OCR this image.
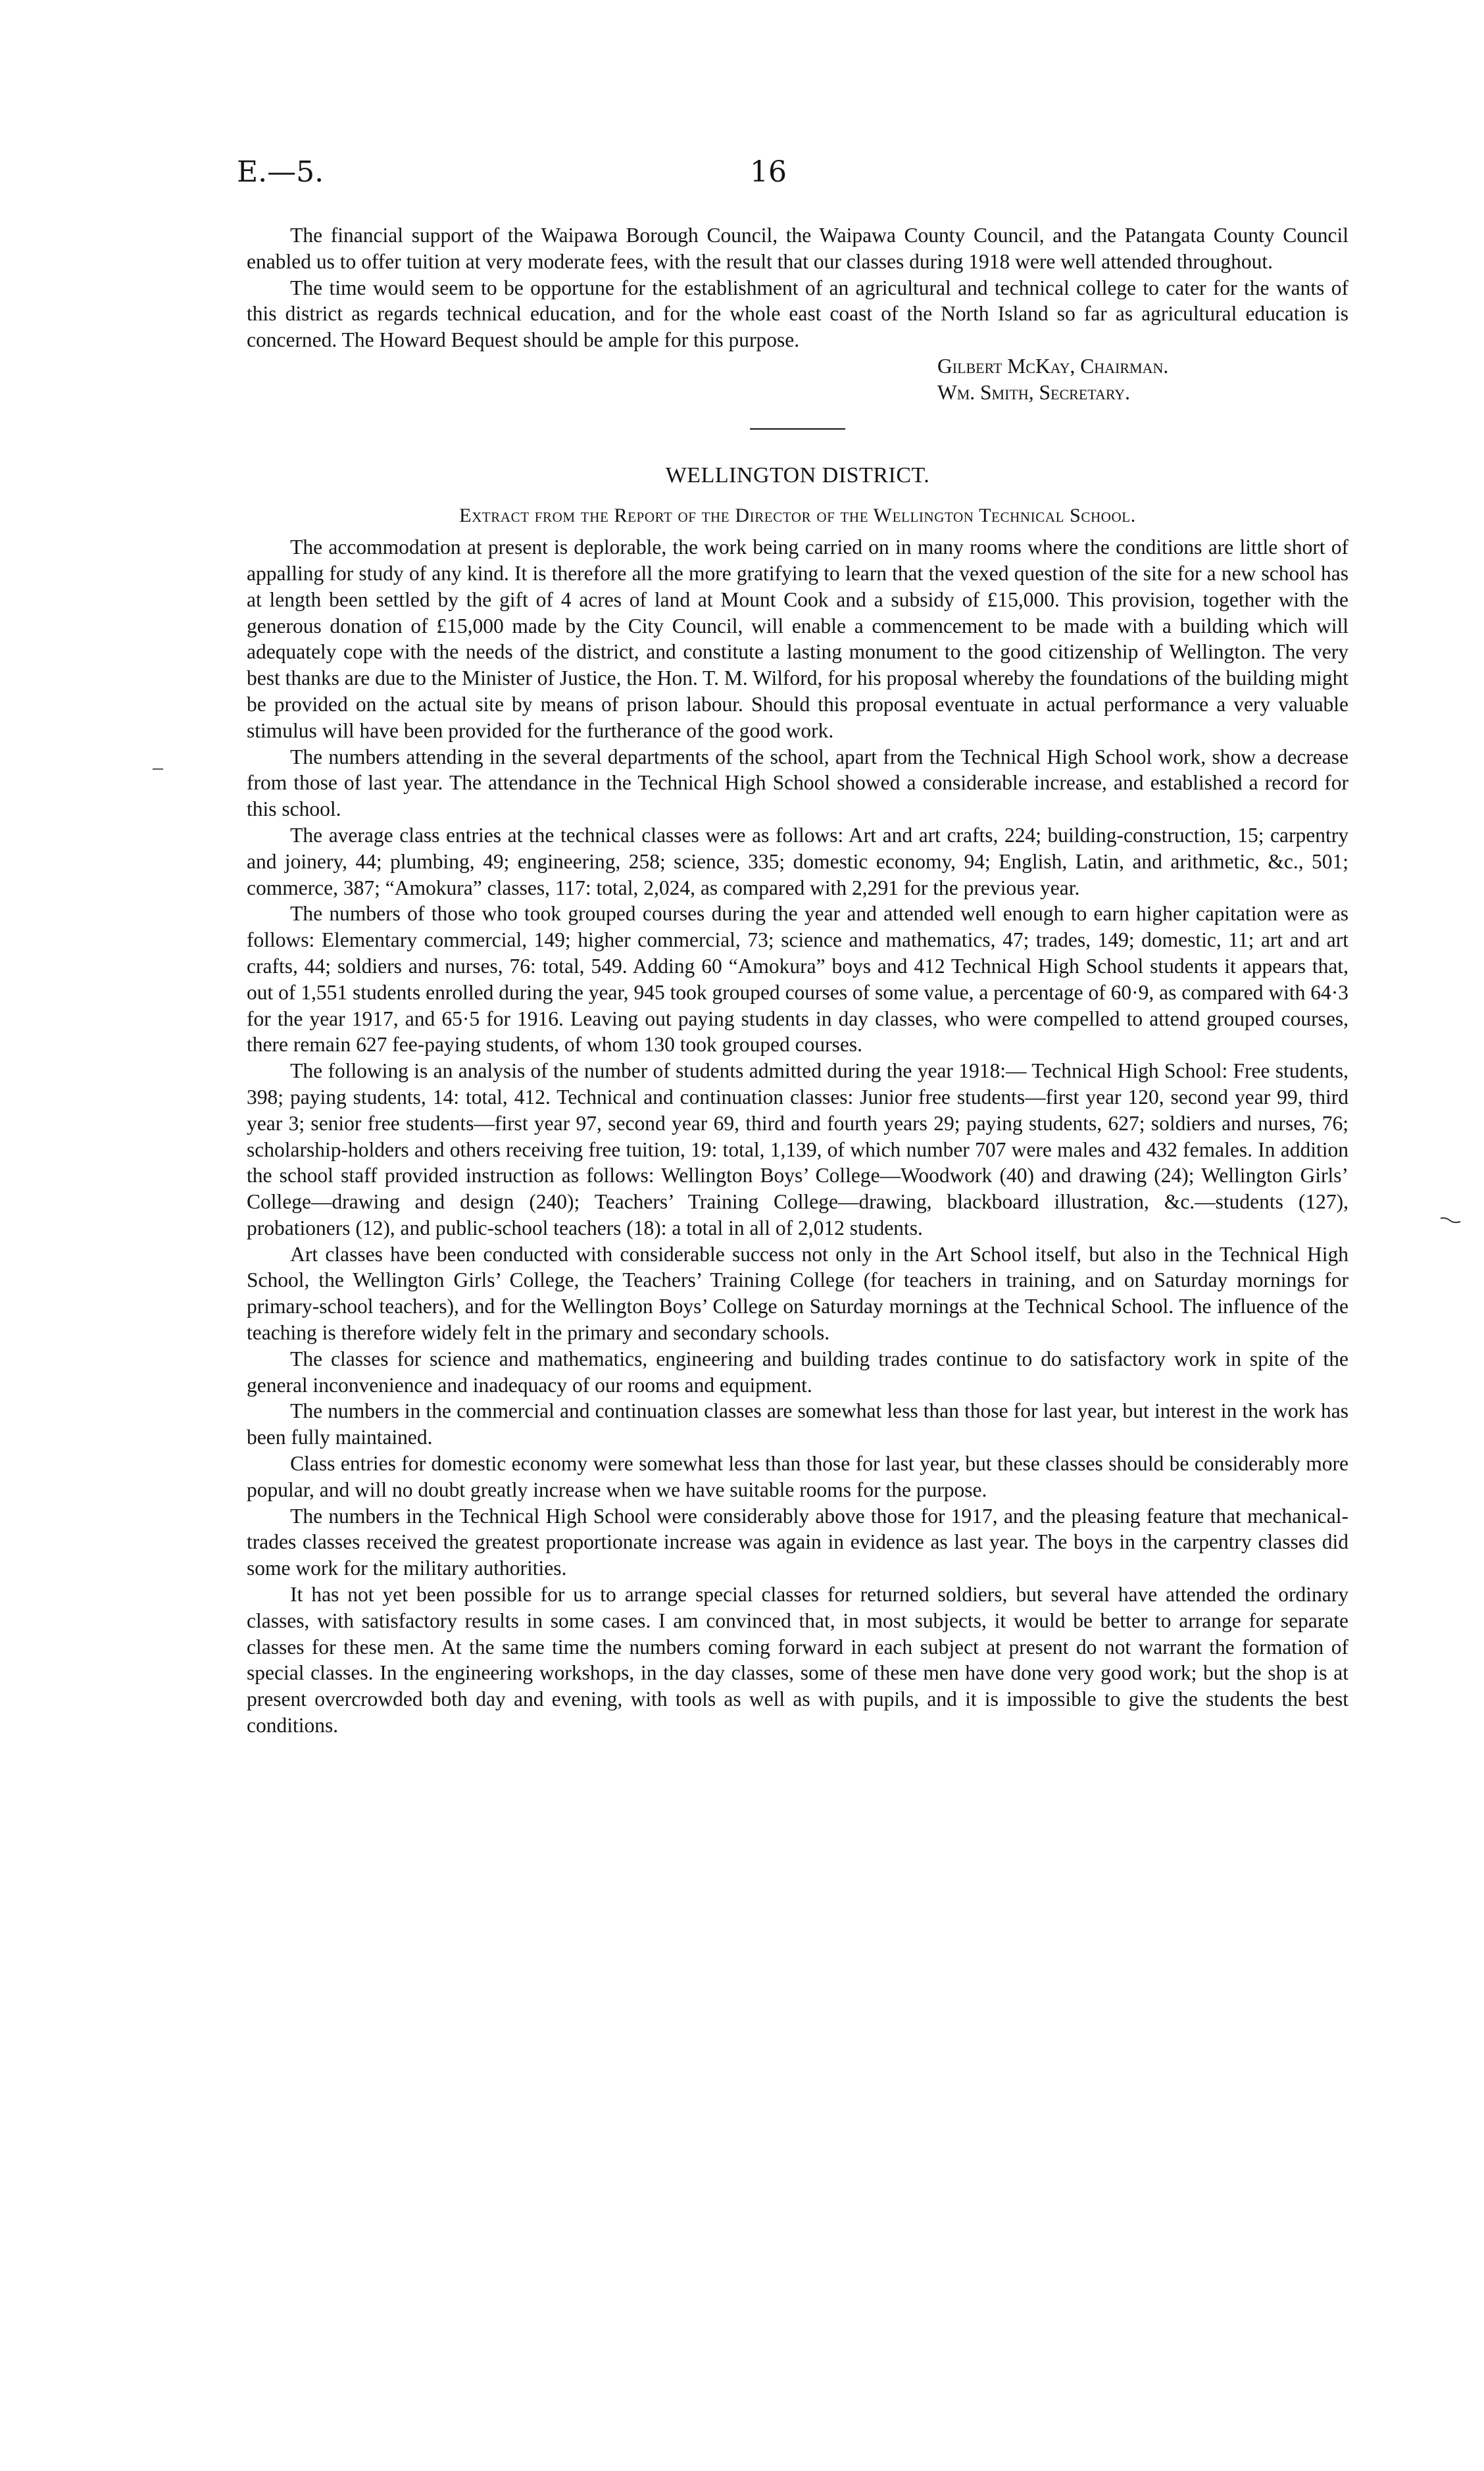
E.—5.	16

The financial support of the Waipawa Borough Council, the Waipawa County Council, and the Patangata County Council enabled us to offer tuition at very moderate fees, with the result that our classes during 1918 were well attended throughout.

The time would seem to be opportune for the establishment of an agricultural and technical college to cater for the wants of this district as regards technical education, and for the whole east coast of the North Island so far as agricultural education is concerned. The Howard Bequest should be ample for this purpose.

Gilbert McKay, Chairman.
Wm. Smith, Secretary.
WELLINGTON DISTRICT.
Extract from the Report of the Director of the Wellington Technical School.

The accommodation at present is deplorable, the work being carried on in many rooms where the conditions are little short of appalling for study of any kind. It is therefore all the more gratifying to learn that the vexed question of the site for a new school has at length been settled by the gift of 4 acres of land at Mount Cook and a subsidy of £15,000. This provision, together with the generous donation of £15,000 made by the City Council, will enable a commencement to be made with a building which will adequately cope with the needs of the district, and constitute a lasting monument to the good citizenship of Wellington. The very best thanks are due to the Minister of Justice, the Hon. T. M. Wilford, for his proposal whereby the foundations of the building might be provided on the actual site by means of prison labour. Should this proposal eventuate in actual performance a very valuable stimulus will have been provided for the furtherance of the good work.

The numbers attending in the several departments of the school, apart from the Technical High School work, show a decrease from those of last year. The attendance in the Technical High School showed a considerable increase, and established a record for this school.

The average class entries at the technical classes were as follows: Art and art crafts, 224; building-construction, 15; carpentry and joinery, 44; plumbing, 49; engineering, 258; science, 335; domestic economy, 94; English, Latin, and arithmetic, &c., 501; commerce, 387; “Amokura” classes, 117: total, 2,024, as compared with 2,291 for the previous year.

The numbers of those who took grouped courses during the year and attended well enough to earn higher capitation were as follows: Elementary commercial, 149; higher commercial, 73; science and mathematics, 47; trades, 149; domestic, 11; art and art crafts, 44; soldiers and nurses, 76: total, 549. Adding 60 “Amokura” boys and 412 Technical High School students it appears that, out of 1,551 students enrolled during the year, 945 took grouped courses of some value, a percentage of 60·9, as compared with 64·3 for the year 1917, and 65·5 for 1916. Leaving out paying students in day classes, who were compelled to attend grouped courses, there remain 627 fee-paying students, of whom 130 took grouped courses.

The following is an analysis of the number of students admitted during the year 1918:— Technical High School: Free students, 398; paying students, 14: total, 412. Technical and continuation classes: Junior free students—first year 120, second year 99, third year 3; senior free students—first year 97, second year 69, third and fourth years 29; paying students, 627; soldiers and nurses, 76; scholarship-holders and others receiving free tuition, 19: total, 1,139, of which number 707 were males and 432 females. In addition the school staff provided instruction as follows: Wellington Boys’ College—Woodwork (40) and drawing (24); Wellington Girls’ College—drawing and design (240); Teachers’ Training College—drawing, blackboard illustration, &c.—students (127), probationers (12), and public-school teachers (18): a total in all of 2,012 students.

Art classes have been conducted with considerable success not only in the Art School itself, but also in the Technical High School, the Wellington Girls’ College, the Teachers’ Training College (for teachers in training, and on Saturday mornings for primary-school teachers), and for the Wellington Boys’ College on Saturday mornings at the Technical School. The influence of the teaching is therefore widely felt in the primary and secondary schools.

The classes for science and mathematics, engineering and building trades continue to do satisfactory work in spite of the general inconvenience and inadequacy of our rooms and equipment.

The numbers in the commercial and continuation classes are somewhat less than those for last year, but interest in the work has been fully maintained.

Class entries for domestic economy were somewhat less than those for last year, but these classes should be considerably more popular, and will no doubt greatly increase when we have suitable rooms for the purpose.

The numbers in the Technical High School were considerably above those for 1917, and the pleasing feature that mechanical-trades classes received the greatest proportionate increase was again in evidence as last year. The boys in the carpentry classes did some work for the military authorities.

It has not yet been possible for us to arrange special classes for returned soldiers, but several have attended the ordinary classes, with satisfactory results in some cases. I am convinced that, in most subjects, it would be better to arrange for separate classes for these men. At the same time the numbers coming forward in each subject at present do not warrant the formation of special classes. In the engineering workshops, in the day classes, some of these men have done very good work; but the shop is at present overcrowded both day and evening, with tools as well as with pupils, and it is impossible to give the students the best conditions.
